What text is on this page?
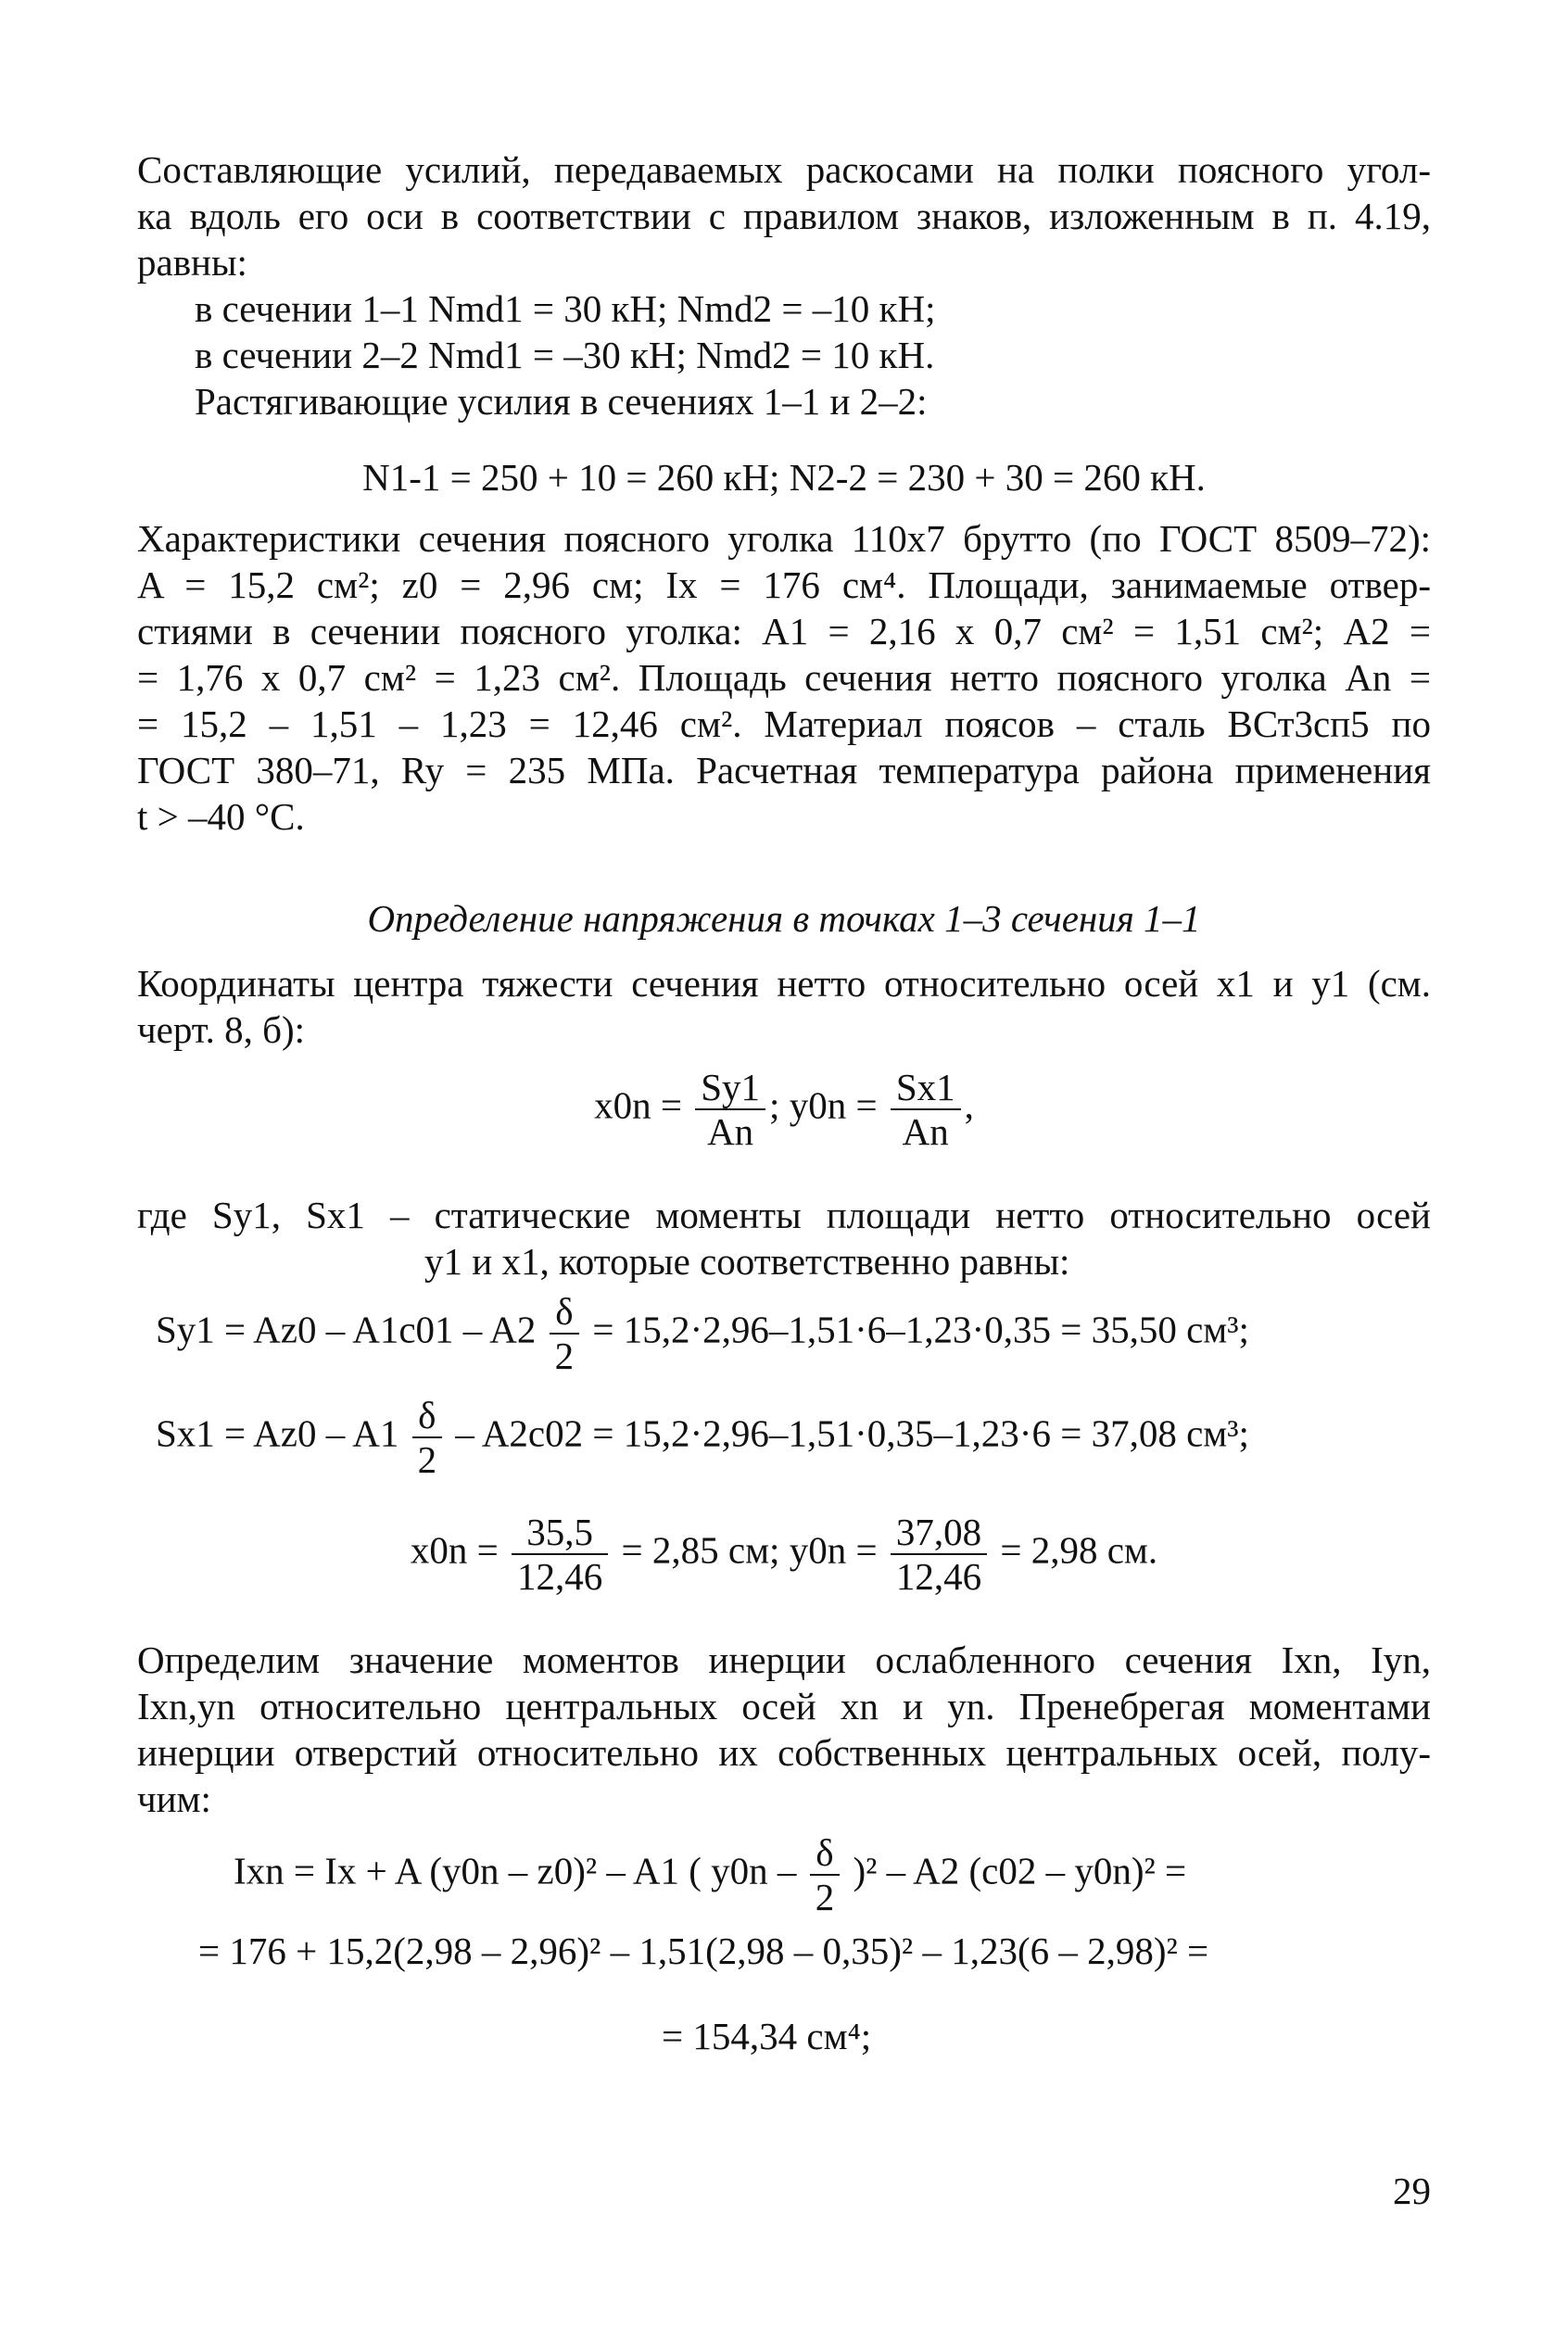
Составляющие усилий, передаваемых раскосами на полки поясного угол-
ка вдоль его оси в соответствии с правилом знаков, изложенным в п. 4.19,
равны:
в сечении 1–1 Nmd1 = 30 кН; Nmd2 = –10 кН;
в сечении 2–2 Nmd1 = –30 кН; Nmd2 = 10 кН.
Растягивающие усилия в сечениях 1–1 и 2–2:
N1-1 = 250 + 10 = 260 кН; N2-2 = 230 + 30 = 260 кН.
Характеристики сечения поясного уголка 110х7 брутто (по ГОСТ 8509–72):
A = 15,2 см²; z0 = 2,96 см; Ix = 176 см⁴. Площади, занимаемые отвер-
стиями в сечении поясного уголка: A1 = 2,16 х 0,7 см² = 1,51 см²; A2 =
= 1,76 х 0,7 см² = 1,23 см². Площадь сечения нетто поясного уголка An =
= 15,2 – 1,51 – 1,23 = 12,46 см². Материал поясов – сталь ВСт3сп5 по
ГОСТ 380–71, Ry = 235 МПа. Расчетная температура района применения
t > –40 °С.
Определение напряжения в точках 1–3 сечения 1–1
Координаты центра тяжести сечения нетто относительно осей x1 и y1 (см.
черт. 8, б):
$x0n = \frac{Sy1}{An}$ ; $y0n = \frac{Sx1}{An}$ ,
где Sy1, Sx1 – статические моменты площади нетто относительно осей
y1 и x1, которые соответственно равны:
$Sy1 = Az0 - A1c01 - A2 \frac{\delta}{2} = 15,2\cdot 2,96-1,51\cdot 6-1,23\cdot 0,35 = 35,50$ см³;
$Sx1 = Az0 - A1 \frac{\delta}{2} - A2c02 = 15,2\cdot 2,96-1,51\cdot 0,35-1,23\cdot 6 = 37,08$ см³;
$x0n = \frac{35,5}{12,46} = 2,85$ см; $y0n = \frac{37,08}{12,46} = 2,98$ см.
Определим значение моментов инерции ослабленного сечения Ixn, Iyn,
Ixn,yn относительно центральных осей xn и yn. Пренебрегая моментами
инерции отверстий относительно их собственных центральных осей, полу-
чим:
Ixn = Ix + A (y0n – z0)² – A1 ( $y0n - \frac{\delta}{2} )^2 - A2$ (c02 – y0n)² =
= 176 + 15,2(2,98 – 2,96)² – 1,51(2,98 – 0,35)² – 1,23(6 – 2,98)² =
= 154,34 см⁴;
29
